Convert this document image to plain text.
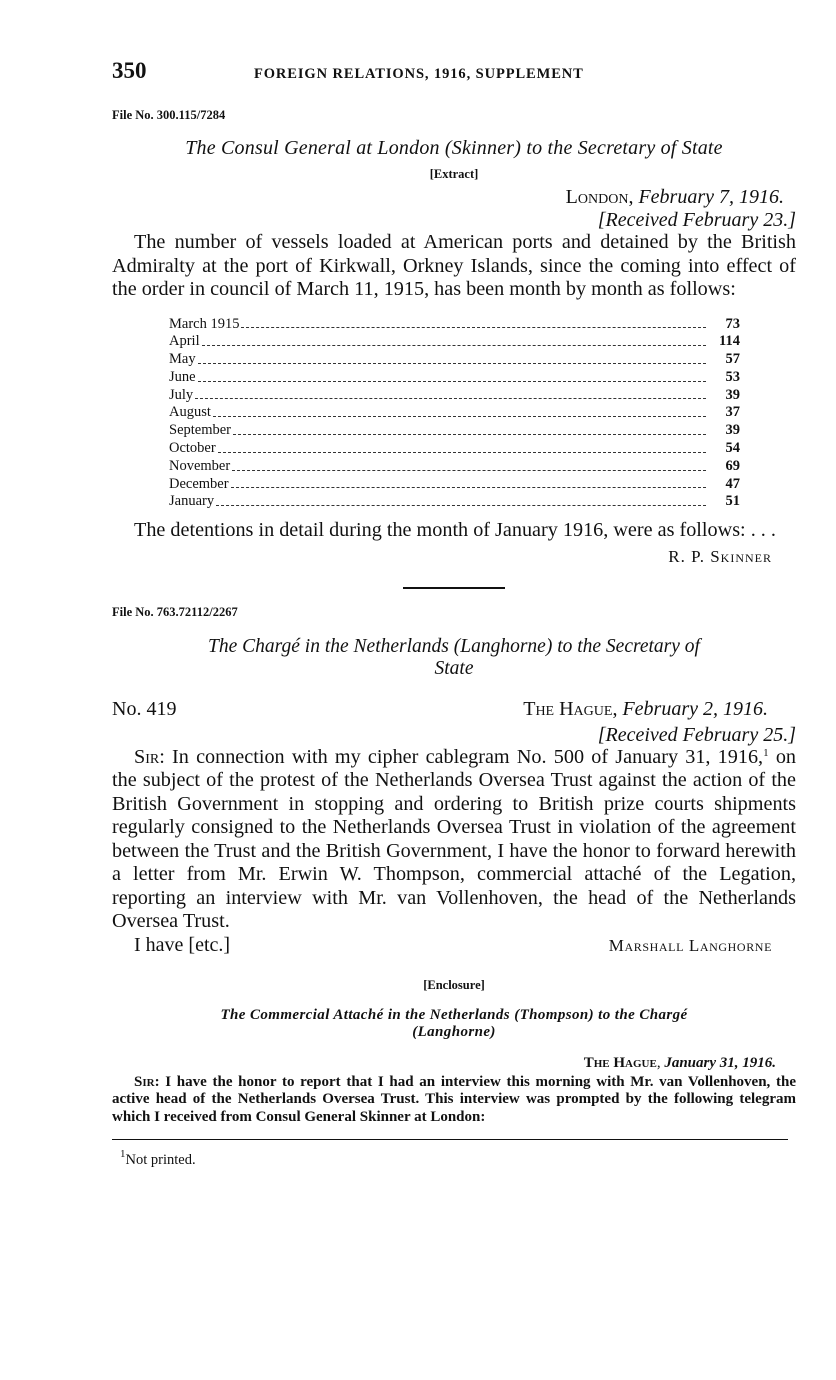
350	FOREIGN RELATIONS, 1916, SUPPLEMENT
File No. 300.115/7284
The Consul General at London (Skinner) to the Secretary of State
[Extract]
London, February 7, 1916.
[Received February 23.]

The number of vessels loaded at American ports and detained by the British Admiralty at the port of Kirkwall, Orkney Islands, since the coming into effect of the order in council of March 11, 1915, has been month by month as follows:

March 1915	73
April	114
May	57
June	53
July	39
August	37
September	39
October	54
November	69
December	47
January	51

The detentions in detail during the month of January 1916, were as follows: . . .

R. P. Skinner
File No. 763.72112/2267
The Chargé in the Netherlands (Langhorne) to the Secretary of
State
No. 419	The Hague, February 2, 1916.
[Received February 25.]

Sir: In connection with my cipher cablegram No. 500 of January 31, 1916,$^1$ on the subject of the protest of the Netherlands Oversea Trust against the action of the British Government in stopping and ordering to British prize courts shipments regularly consigned to the Netherlands Oversea Trust in violation of the agreement between the Trust and the British Government, I have the honor to forward herewith a letter from Mr. Erwin W. Thompson, commercial attaché of the Legation, reporting an interview with Mr. van Vollenhoven, the head of the Netherlands Oversea Trust.

I have [etc.]	Marshall Langhorne
[Enclosure]
The Commercial Attaché in the Netherlands (Thompson) to the Chargé
(Langhorne)
The Hague, January 31, 1916.

Sir: I have the honor to report that I had an interview this morning with Mr. van Vollenhoven, the active head of the Netherlands Oversea Trust. This interview was prompted by the following telegram which I received from Consul General Skinner at London:

$^1$Not printed.
